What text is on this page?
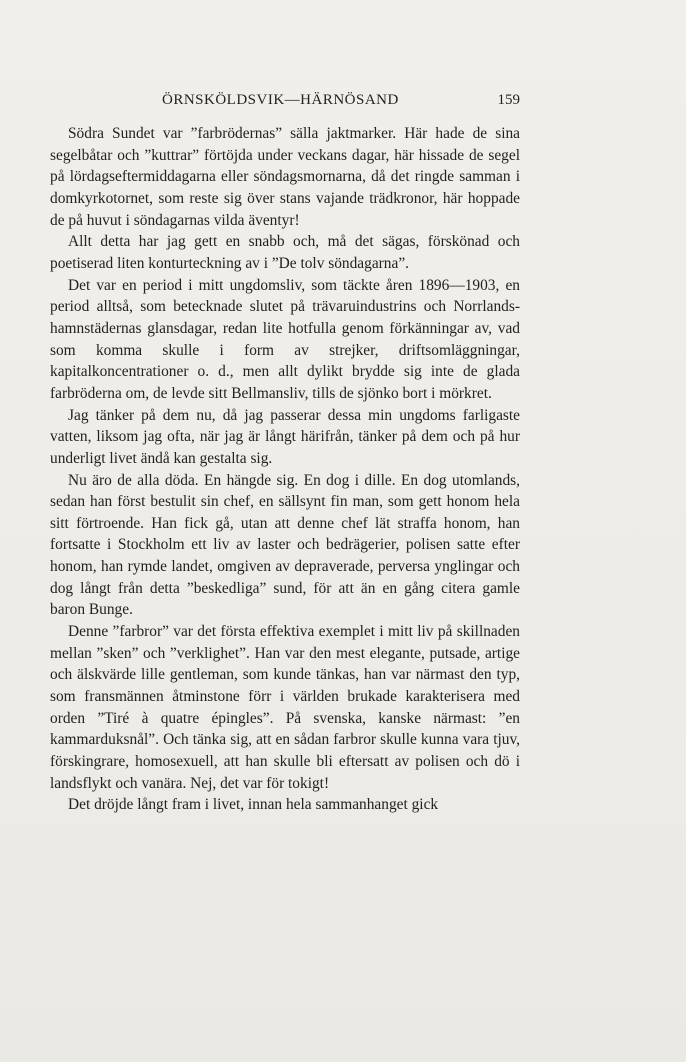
ÖRNSKÖLDSVIK—HÄRNÖSAND	159

Södra Sundet var ”farbrödernas” sälla jaktmarker. Här hade de sina segelbåtar och ”kuttrar” förtöjda under veckans dagar, här hissade de segel på lördagseftermiddagarna eller söndagsmornarna, då det ringde samman i domkyrkotornet, som reste sig över stans vajande trädkronor, här hoppade de på huvut i söndagarnas vilda äventyr!

Allt detta har jag gett en snabb och, må det sägas, förskönad och poetiserad liten konturteckning av i ”De tolv söndagarna”.

Det var en period i mitt ungdomsliv, som täckte åren 1896—1903, en period alltså, som betecknade slutet på trävaruindustrins och Norrlands-hamnstädernas glansdagar, redan lite hotfulla genom förkänningar av, vad som komma skulle i form av strejker, driftsomläggningar, kapitalkoncentrationer o. d., men allt dylikt brydde sig inte de glada farbröderna om, de levde sitt Bellmansliv, tills de sjönko bort i mörkret.

Jag tänker på dem nu, då jag passerar dessa min ungdoms farligaste vatten, liksom jag ofta, när jag är långt härifrån, tänker på dem och på hur underligt livet ändå kan gestalta sig.

Nu äro de alla döda. En hängde sig. En dog i dille. En dog utomlands, sedan han först bestulit sin chef, en sällsynt fin man, som gett honom hela sitt förtroende. Han fick gå, utan att denne chef lät straffa honom, han fortsatte i Stockholm ett liv av laster och bedrägerier, polisen satte efter honom, han rymde landet, omgiven av depraverade, perversa ynglingar och dog långt från detta ”beskedliga” sund, för att än en gång citera gamle baron Bunge.

Denne ”farbror” var det första effektiva exemplet i mitt liv på skillnaden mellan ”sken” och ”verklighet”. Han var den mest elegante, putsade, artige och älskvärde lille gentleman, som kunde tänkas, han var närmast den typ, som fransmännen åtminstone förr i världen brukade karakterisera med orden ”Tiré à quatre épingles”. På svenska, kanske närmast: ”en kammarduksnål”. Och tänka sig, att en sådan farbror skulle kunna vara tjuv, förskingrare, homosexuell, att han skulle bli eftersatt av polisen och dö i landsflykt och vanära. Nej, det var för tokigt!

Det dröjde långt fram i livet, innan hela sammanhanget gick
